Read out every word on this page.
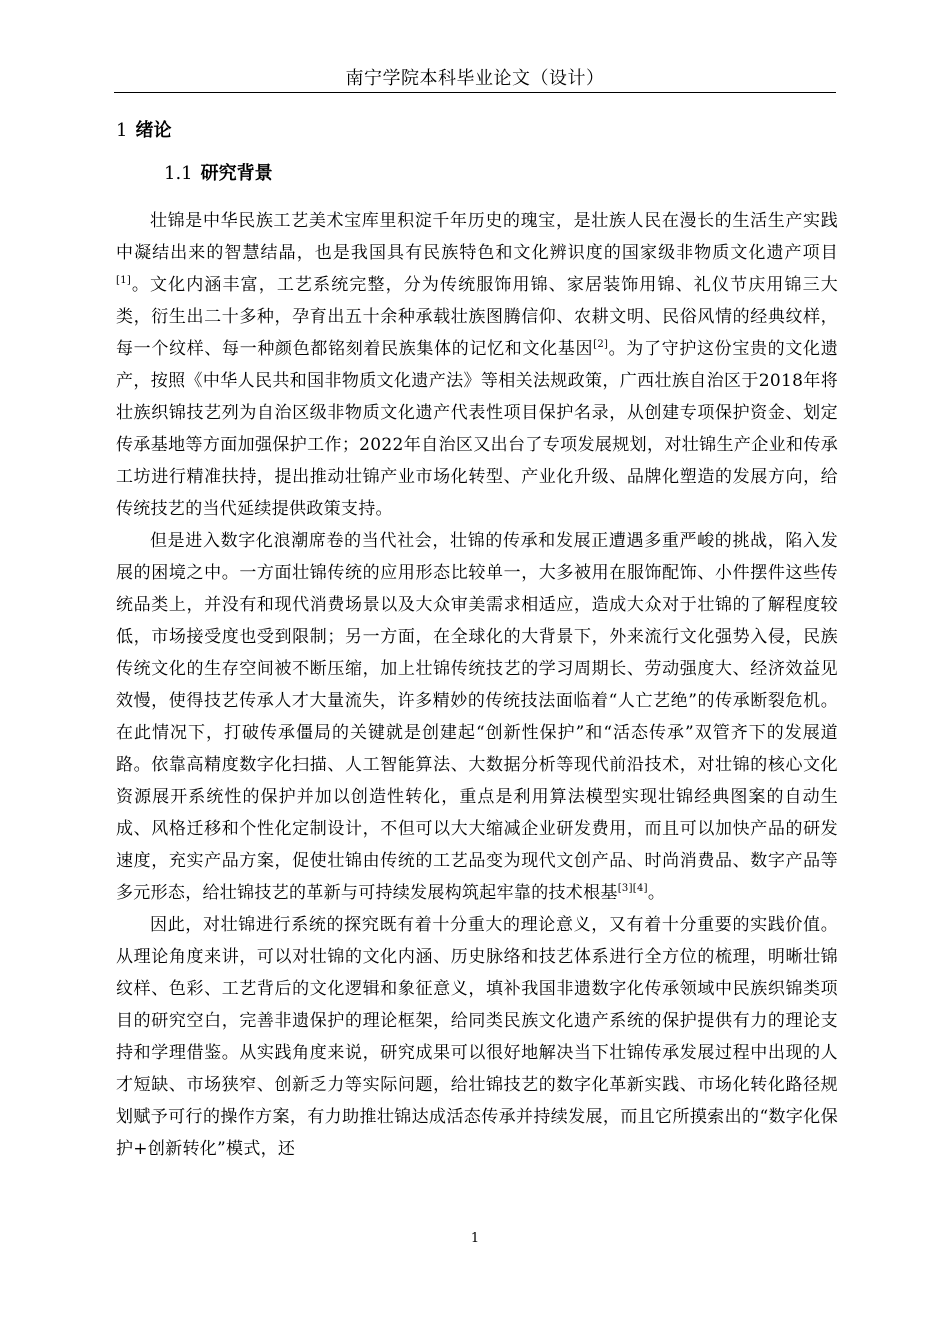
南宁学院本科毕业论文（设计）
1 绪论
1.1 研究背景

壮锦是中华民族工艺美术宝库里积淀千年历史的瑰宝，是壮族人民在漫长的生活生产实践中凝结出来的智慧结晶，也是我国具有民族特色和文化辨识度的国家级非物质文化遗产项目[1]。文化内涵丰富，工艺系统完整，分为传统服饰用锦、家居装饰用锦、礼仪节庆用锦三大类，衍生出二十多种，孕育出五十余种承载壮族图腾信仰、农耕文明、民俗风情的经典纹样，每一个纹样、每一种颜色都铭刻着民族集体的记忆和文化基因[2]。为了守护这份宝贵的文化遗产，按照《中华人民共和国非物质文化遗产法》等相关法规政策，广西壮族自治区于2018年将壮族织锦技艺列为自治区级非物质文化遗产代表性项目保护名录，从创建专项保护资金、划定传承基地等方面加强保护工作；2022年自治区又出台了专项发展规划，对壮锦生产企业和传承工坊进行精准扶持，提出推动壮锦产业市场化转型、产业化升级、品牌化塑造的发展方向，给传统技艺的当代延续提供政策支持。

但是进入数字化浪潮席卷的当代社会，壮锦的传承和发展正遭遇多重严峻的挑战，陷入发展的困境之中。一方面壮锦传统的应用形态比较单一，大多被用在服饰配饰、小件摆件这些传统品类上，并没有和现代消费场景以及大众审美需求相适应，造成大众对于壮锦的了解程度较低，市场接受度也受到限制；另一方面，在全球化的大背景下，外来流行文化强势入侵，民族传统文化的生存空间被不断压缩，加上壮锦传统技艺的学习周期长、劳动强度大、经济效益见效慢，使得技艺传承人才大量流失，许多精妙的传统技法面临着“人亡艺绝”的传承断裂危机。在此情况下，打破传承僵局的关键就是创建起“创新性保护”和“活态传承”双管齐下的发展道路。依靠高精度数字化扫描、人工智能算法、大数据分析等现代前沿技术，对壮锦的核心文化资源展开系统性的保护并加以创造性转化，重点是利用算法模型实现壮锦经典图案的自动生成、风格迁移和个性化定制设计，不但可以大大缩减企业研发费用，而且可以加快产品的研发速度，充实产品方案，促使壮锦由传统的工艺品变为现代文创产品、时尚消费品、数字产品等多元形态，给壮锦技艺的革新与可持续发展构筑起牢靠的技术根基[3][4]。

因此，对壮锦进行系统的探究既有着十分重大的理论意义，又有着十分重要的实践价值。从理论角度来讲，可以对壮锦的文化内涵、历史脉络和技艺体系进行全方位的梳理，明晰壮锦纹样、色彩、工艺背后的文化逻辑和象征意义，填补我国非遗数字化传承领域中民族织锦类项目的研究空白，完善非遗保护的理论框架，给同类民族文化遗产系统的保护提供有力的理论支持和学理借鉴。从实践角度来说，研究成果可以很好地解决当下壮锦传承发展过程中出现的人才短缺、市场狭窄、创新乏力等实际问题，给壮锦技艺的数字化革新实践、市场化转化路径规划赋予可行的操作方案，有力助推壮锦达成活态传承并持续发展，而且它所摸索出的“数字化保护+创新转化”模式，还

1
